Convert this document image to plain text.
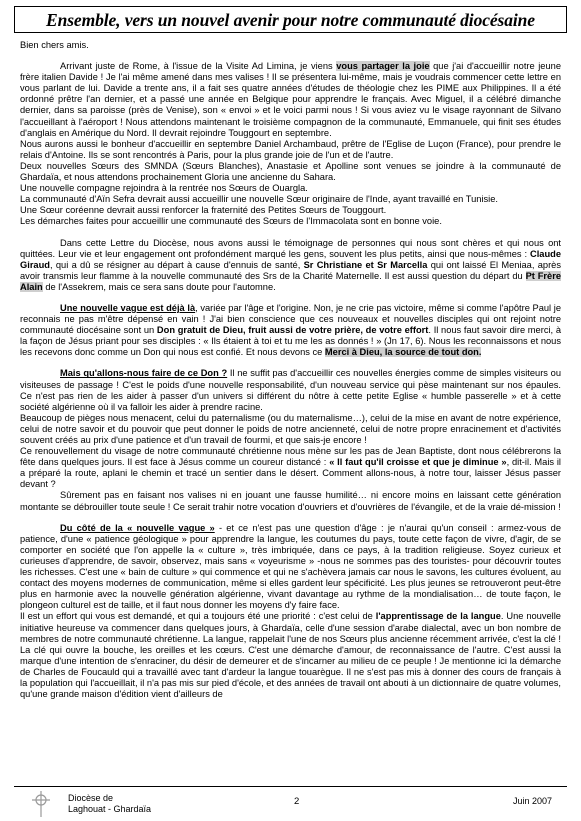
Ensemble, vers un nouvel avenir pour notre communauté diocésaine

Bien chers amis.

Arrivant juste de Rome, à l'issue de la Visite Ad Limina, je viens vous partager la joie que j'ai d'accueillir notre jeune frère italien Davide ! Je l'ai même amené dans mes valises ! Il se présentera lui-même, mais je voudrais commencer cette lettre en vous parlant de lui. Davide a trente ans, il a fait ses quatre années d'études de théologie chez les PIME aux Philippines. Il a été ordonné prêtre l'an dernier, et a passé une année en Belgique pour apprendre le français. Avec Miguel, il a célébré dimanche dernier, dans sa paroisse (près de Venise), son « envoi » et le voici parmi nous ! Si vous aviez vu le visage rayonnant de Silvano l'accueillant à l'aéroport ! Nous attendons maintenant le troisième compagnon de la communauté, Emmanuele, qui finit ses études d'anglais en Amérique du Nord. Il devrait rejoindre Touggourt en septembre.

Nous aurons aussi le bonheur d'accueillir en septembre Daniel Archambaud, prêtre de l'Eglise de Luçon (France), pour prendre le relais d'Antoine. Ils se sont rencontrés à Paris, pour la plus grande joie de l'un et de l'autre.

Deux nouvelles Sœurs des SMNDA (Sœurs Blanches), Anastasie et Apolline sont venues se joindre à la communauté de Ghardaïa, et nous attendons prochainement Gloria une ancienne du Sahara.

Une nouvelle compagne rejoindra à la rentrée nos Sœurs de Ouargla.

La communauté d'Aïn Sefra devrait aussi accueillir une nouvelle Sœur originaire de l'Inde, ayant travaillé en Tunisie.

Une Sœur coréenne devrait aussi renforcer la fraternité des Petites Sœurs de Touggourt.

Les démarches faites pour accueillir une communauté des Sœurs de l'Immacolata sont en bonne voie.

Dans cette Lettre du Diocèse, nous avons aussi le témoignage de personnes qui nous sont chères et qui nous ont quittées. Leur vie et leur engagement ont profondément marqué les gens, souvent les plus petits, ainsi que nous-mêmes : Claude Giraud, qui a dû se résigner au départ à cause d'ennuis de santé, Sr Christiane et Sr Marcella qui ont laissé El Meniaa, après avoir transmis leur flamme à la nouvelle communauté des Srs de la Charité Maternelle. Il est aussi question du départ du Pt Frère Alain de l'Assekrem, mais ce sera sans doute pour l'automne.

Une nouvelle vague est déjà là, variée par l'âge et l'origine. Non, je ne crie pas victoire, même si comme l'apôtre Paul je reconnais ne pas m'être dépensé en vain ! J'ai bien conscience que ces nouveaux et nouvelles disciples qui ont rejoint notre communauté diocésaine sont un Don gratuit de Dieu, fruit aussi de votre prière, de votre effort. Il nous faut savoir dire merci, à la façon de Jésus priant pour ses disciples : « Ils étaient à toi et tu me les as donnés ! » (Jn 17, 6). Nous les reconnaissons et nous les recevons donc comme un Don qui nous est confié. Et nous devons ce Merci à Dieu, la source de tout don.

Mais qu'allons-nous faire de ce Don ? Il ne suffit pas d'accueillir ces nouvelles énergies comme de simples visiteurs ou visiteuses de passage ! C'est le poids d'une nouvelle responsabilité, d'un nouveau service qui pèse maintenant sur nos épaules. Ce n'est pas rien de les aider à passer d'un univers si différent du nôtre à cette petite Eglise « humble passerelle » et à cette société algérienne où il va falloir les aider à prendre racine.

Beaucoup de pièges nous menacent, celui du paternalisme (ou du maternalisme…), celui de la mise en avant de notre expérience, celui de notre savoir et du pouvoir que peut donner le poids de notre ancienneté, celui de notre propre enracinement et d'activités souvent créés au prix d'une patience et d'un travail de fourmi, et que sais-je encore !

Ce renouvellement du visage de notre communauté chrétienne nous mène sur les pas de Jean Baptiste, dont nous célébrerons la fête dans quelques jours. Il est face à Jésus comme un coureur distancé : « Il faut qu'il croisse et que je diminue », dit-il. Mais il a préparé la route, aplani le chemin et tracé un sentier dans le désert. Comment allons-nous, à notre tour, laisser Jésus passer devant ?

Sûrement pas en faisant nos valises ni en jouant une fausse humilité… ni encore moins en laissant cette génération montante se débrouiller toute seule ! Ce serait trahir notre vocation d'ouvriers et d'ouvrières de l'évangile, et de la vraie dé-mission !

Du côté de la « nouvelle vague » - et ce n'est pas une question d'âge : je n'aurai qu'un conseil : armez-vous de patience, d'une « patience géologique » pour apprendre la langue, les coutumes du pays, toute cette façon de vivre, d'agir, de se comporter en société que l'on appelle la « culture », très imbriquée, dans ce pays, à la tradition religieuse. Soyez curieux et curieuses d'apprendre, de savoir, observez, mais sans « voyeurisme » -nous ne sommes pas des touristes- pour découvrir toutes les richesses. C'est une « bain de culture » qui commence et qui ne s'achèvera jamais car nous le savons, les cultures évoluent, au contact des moyens modernes de communication, même si elles gardent leur spécificité. Les plus jeunes se retrouveront peut-être plus en harmonie avec la nouvelle génération algérienne, vivant davantage au rythme de la mondialisation… de toute façon, le plongeon culturel est de taille, et il faut nous donner les moyens d'y faire face.

Il est un effort qui vous est demandé, et qui a toujours été une priorité : c'est celui de l'apprentissage de la langue. Une nouvelle initiative heureuse va commencer dans quelques jours, à Ghardaïa, celle d'une session d'arabe dialectal, avec un bon nombre de membres de notre communauté chrétienne. La langue, rappelait l'une de nos Sœurs plus ancienne récemment arrivée, c'est la clé ! La clé qui ouvre la bouche, les oreilles et les cœurs. C'est une démarche d'amour, de reconnaissance de l'autre. C'est aussi la marque d'une intention de s'enraciner, du désir de demeurer et de s'incarner au milieu de ce peuple ! Je mentionne ici la démarche de Charles de Foucauld qui a travaillé avec tant d'ardeur la langue touarègue. Il ne s'est pas mis à donner des cours de français à la population qui l'accueillait, il n'a pas mis sur pied d'école, et des années de travail ont abouti à un dictionnaire de quatre volumes, qu'une grande maison d'édition vient d'ailleurs de

Diocèse de
Laghouat - Ghardaïa
2	Juin 2007
